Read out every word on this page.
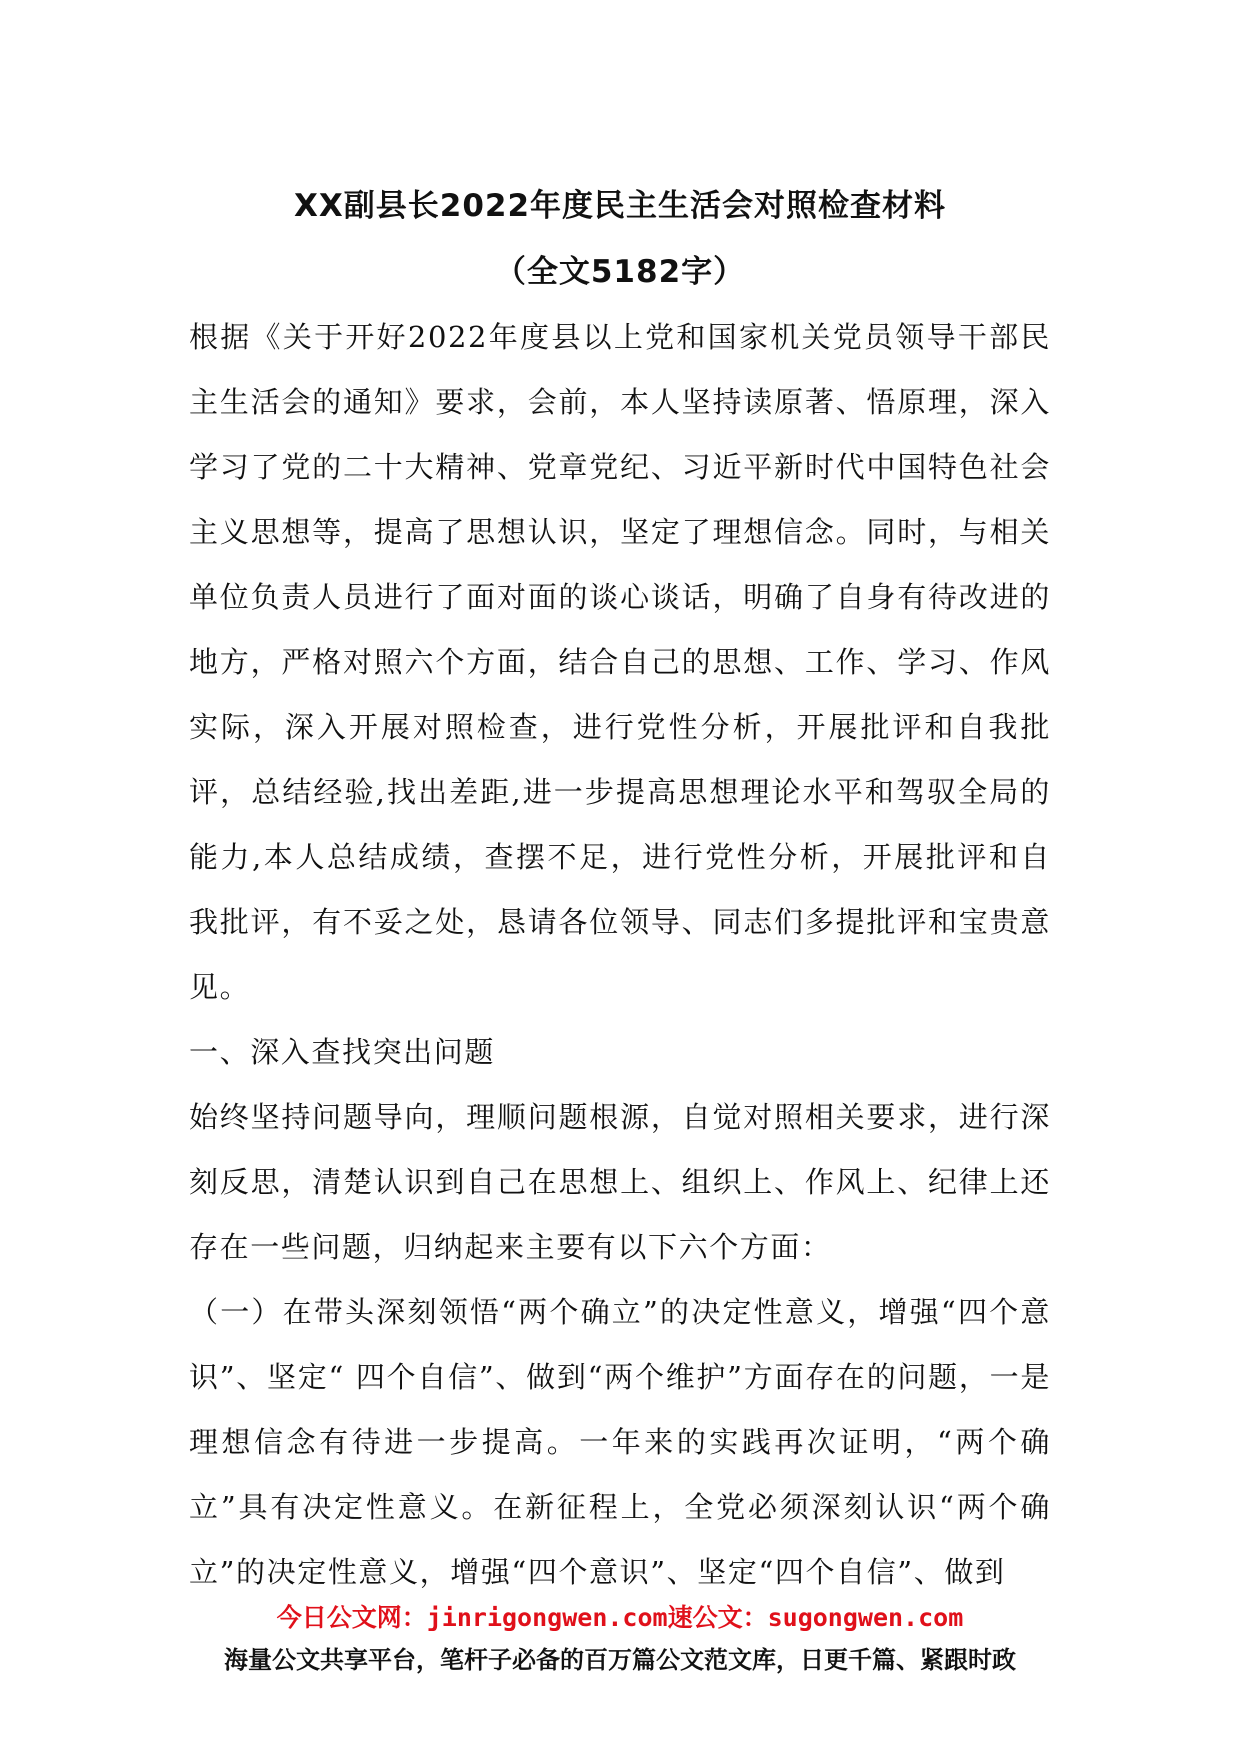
XX副县长2022年度民主生活会对照检查材料
（全文5182字）

根据《关于开好2022年度县以上党和国家机关党员领导干部民主生活会的通知》要求，会前，本人坚持读原著、悟原理，深入学习了党的二十大精神、党章党纪、习近平新时代中国特色社会主义思想等，提高了思想认识，坚定了理想信念。同时，与相关单位负责人员进行了面对面的谈心谈话，明确了自身有待改进的地方，严格对照六个方面，结合自己的思想、工作、学习、作风实际，深入开展对照检查，进行党性分析，开展批评和自我批评，总结经验,找出差距,进一步提高思想理论水平和驾驭全局的能力,本人总结成绩，查摆不足，进行党性分析，开展批评和自我批评，有不妥之处，恳请各位领导、同志们多提批评和宝贵意见。

一、深入查找突出问题

始终坚持问题导向，理顺问题根源，自觉对照相关要求，进行深刻反思，清楚认识到自己在思想上、组织上、作风上、纪律上还存在一些问题，归纳起来主要有以下六个方面：

（一）在带头深刻领悟“两个确立”的决定性意义，增强“四个意识”、坚定“ 四个自信”、做到“两个维护”方面存在的问题，一是理想信念有待进一步提高。一年来的实践再次证明，“两个确立”具有决定性意义。在新征程上，全党必须深刻认识“两个确立”的决定性意义，增强“四个意识”、坚定“四个自信”、做到

今日公文网：jinrigongwen.com速公文：sugongwen.com
海量公文共享平台，笔杆子必备的百万篇公文范文库，日更千篇、紧跟时政
